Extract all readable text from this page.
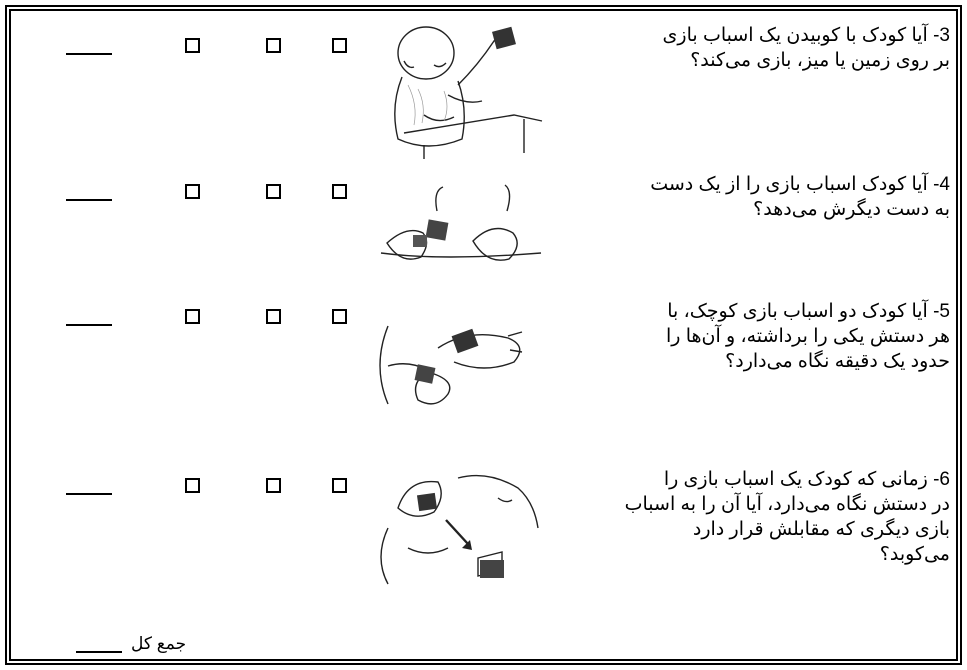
3- آیا کودک با کوبیدن یک اسباب بازی
بر روی زمین یا میز، بازی می‌کند؟
4- آیا کودک اسباب بازی را از یک دست
به دست دیگرش می‌دهد؟
5- آیا کودک دو اسباب بازی کوچک، با
هر دستش یکی را برداشته، و آن‌ها را
حدود یک دقیقه نگاه می‌دارد؟
6- زمانی که کودک یک اسباب بازی را
در دستش نگاه می‌دارد، آیا آن را به اسباب
بازی دیگری که مقابلش قرار دارد
می‌کوبد؟
جمع کل
